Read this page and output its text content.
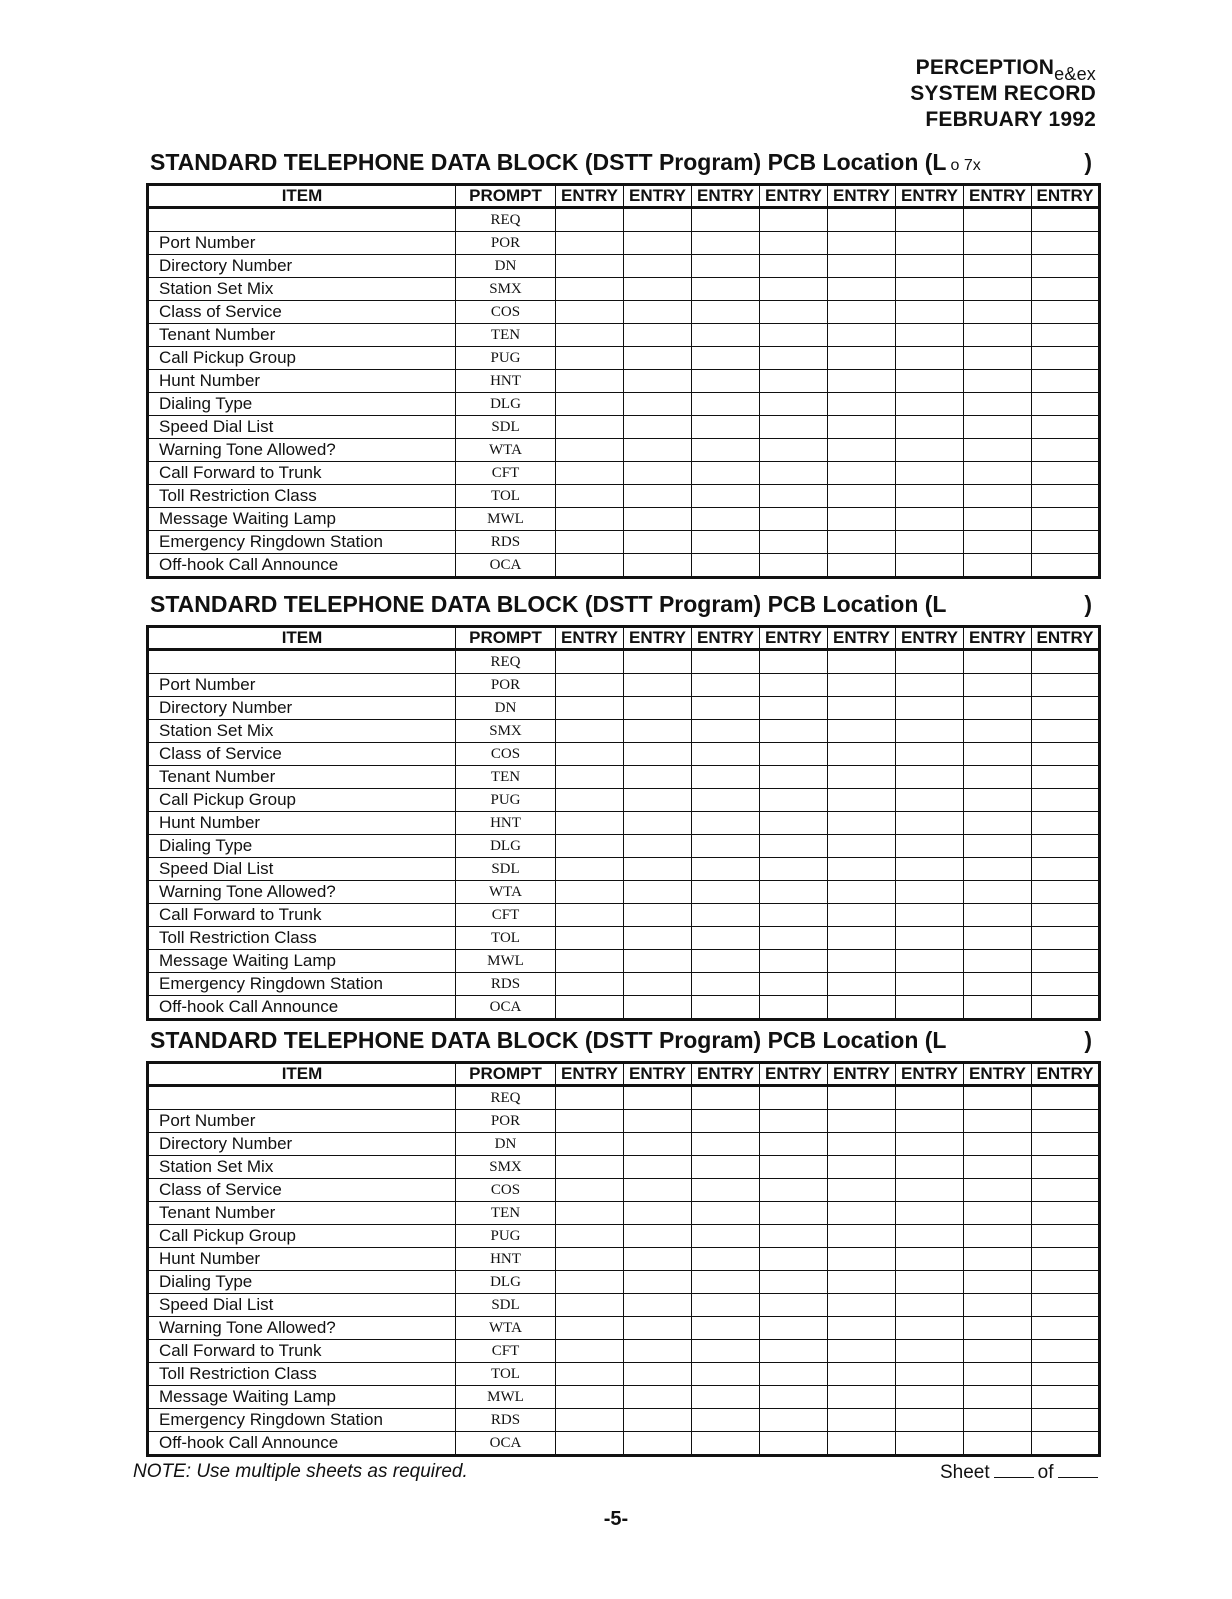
PERCEPTIONe&ex
SYSTEM RECORD
FEBRUARY 1992
STANDARD TELEPHONE DATA BLOCK (DSTT Program) PCB Location (L o 7x	)
ITEM	PROMPT	ENTRY	ENTRY	ENTRY	ENTRY	ENTRY	ENTRY	ENTRY	ENTRY
	REQ								
Port Number	POR								
Directory Number	DN								
Station Set Mix	SMX								
Class of Service	COS								
Tenant Number	TEN								
Call Pickup Group	PUG								
Hunt Number	HNT								
Dialing Type	DLG								
Speed Dial List	SDL								
Warning Tone Allowed?	WTA								
Call Forward to Trunk	CFT								
Toll Restriction Class	TOL								
Message Waiting Lamp	MWL								
Emergency Ringdown Station	RDS								
Off-hook Call Announce	OCA								
STANDARD TELEPHONE DATA BLOCK (DSTT Program) PCB Location (L	)
ITEM	PROMPT	ENTRY	ENTRY	ENTRY	ENTRY	ENTRY	ENTRY	ENTRY	ENTRY
	REQ								
Port Number	POR								
Directory Number	DN								
Station Set Mix	SMX								
Class of Service	COS								
Tenant Number	TEN								
Call Pickup Group	PUG								
Hunt Number	HNT								
Dialing Type	DLG								
Speed Dial List	SDL								
Warning Tone Allowed?	WTA								
Call Forward to Trunk	CFT								
Toll Restriction Class	TOL								
Message Waiting Lamp	MWL								
Emergency Ringdown Station	RDS								
Off-hook Call Announce	OCA								
STANDARD TELEPHONE DATA BLOCK (DSTT Program) PCB Location (L	)
ITEM	PROMPT	ENTRY	ENTRY	ENTRY	ENTRY	ENTRY	ENTRY	ENTRY	ENTRY
	REQ								
Port Number	POR								
Directory Number	DN								
Station Set Mix	SMX								
Class of Service	COS								
Tenant Number	TEN								
Call Pickup Group	PUG								
Hunt Number	HNT								
Dialing Type	DLG								
Speed Dial List	SDL								
Warning Tone Allowed?	WTA								
Call Forward to Trunk	CFT								
Toll Restriction Class	TOL								
Message Waiting Lamp	MWL								
Emergency Ringdown Station	RDS								
Off-hook Call Announce	OCA								
NOTE: Use multiple sheets as required.	Sheet	of
-5-
